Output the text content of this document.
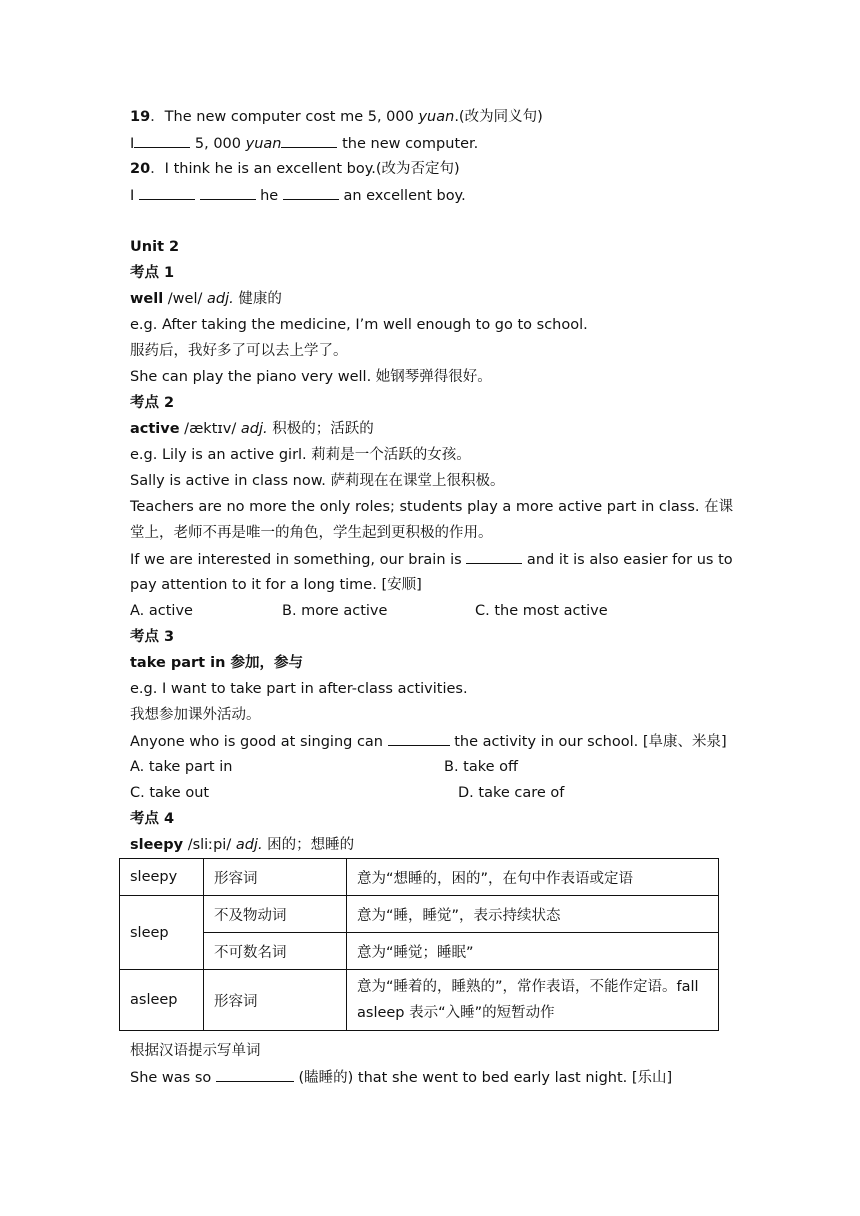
19．The new computer cost me 5, 000 yuan.(改为同义句)
I	5, 000 yuan	the new computer.
20．I think he is an excellent boy.(改为否定句)
I	he	an excellent boy.
Unit 2
考点 1
well /wel/ adj. 健康的
e.g. After taking the medicine, I’m well enough to go to school.
服药后，我好多了可以去上学了。
She can play the piano very well. 她钢琴弹得很好。
考点 2
active /æktɪv/ adj. 积极的；活跃的
e.g. Lily is an active girl. 莉莉是一个活跃的女孩。
Sally is active in class now. 萨莉现在在课堂上很积极。
Teachers are no more the only roles; students play a more active part in class. 在课
堂上，老师不再是唯一的角色，学生起到更积极的作用。
If we are interested in something, our brain is	and it is also easier for us to
pay attention to it for a long time. [安顺]
A. active	B. more active	C. the most active
考点 3
take part in 参加，参与
e.g. I want to take part in after-class activities.
我想参加课外活动。
Anyone who is good at singing can	the activity in our school. [阜康、米泉]
A. take part in	B. take off
C. take out	D. take care of
考点 4
sleepy /sliːpi/ adj. 困的；想睡的
sleepy	形容词	意为“想睡的，困的”，在句中作表语或定语
sleep	不及物动词	意为“睡，睡觉”，表示持续状态
	不可数名词	意为“睡觉；睡眠”
asleep	形容词	意为“睡着的，睡熟的”，常作表语，不能作定语。fall asleep 表示“入睡”的短暂动作
根据汉语提示写单词
She was so	(瞌睡的) that she went to bed early last night. [乐山]
